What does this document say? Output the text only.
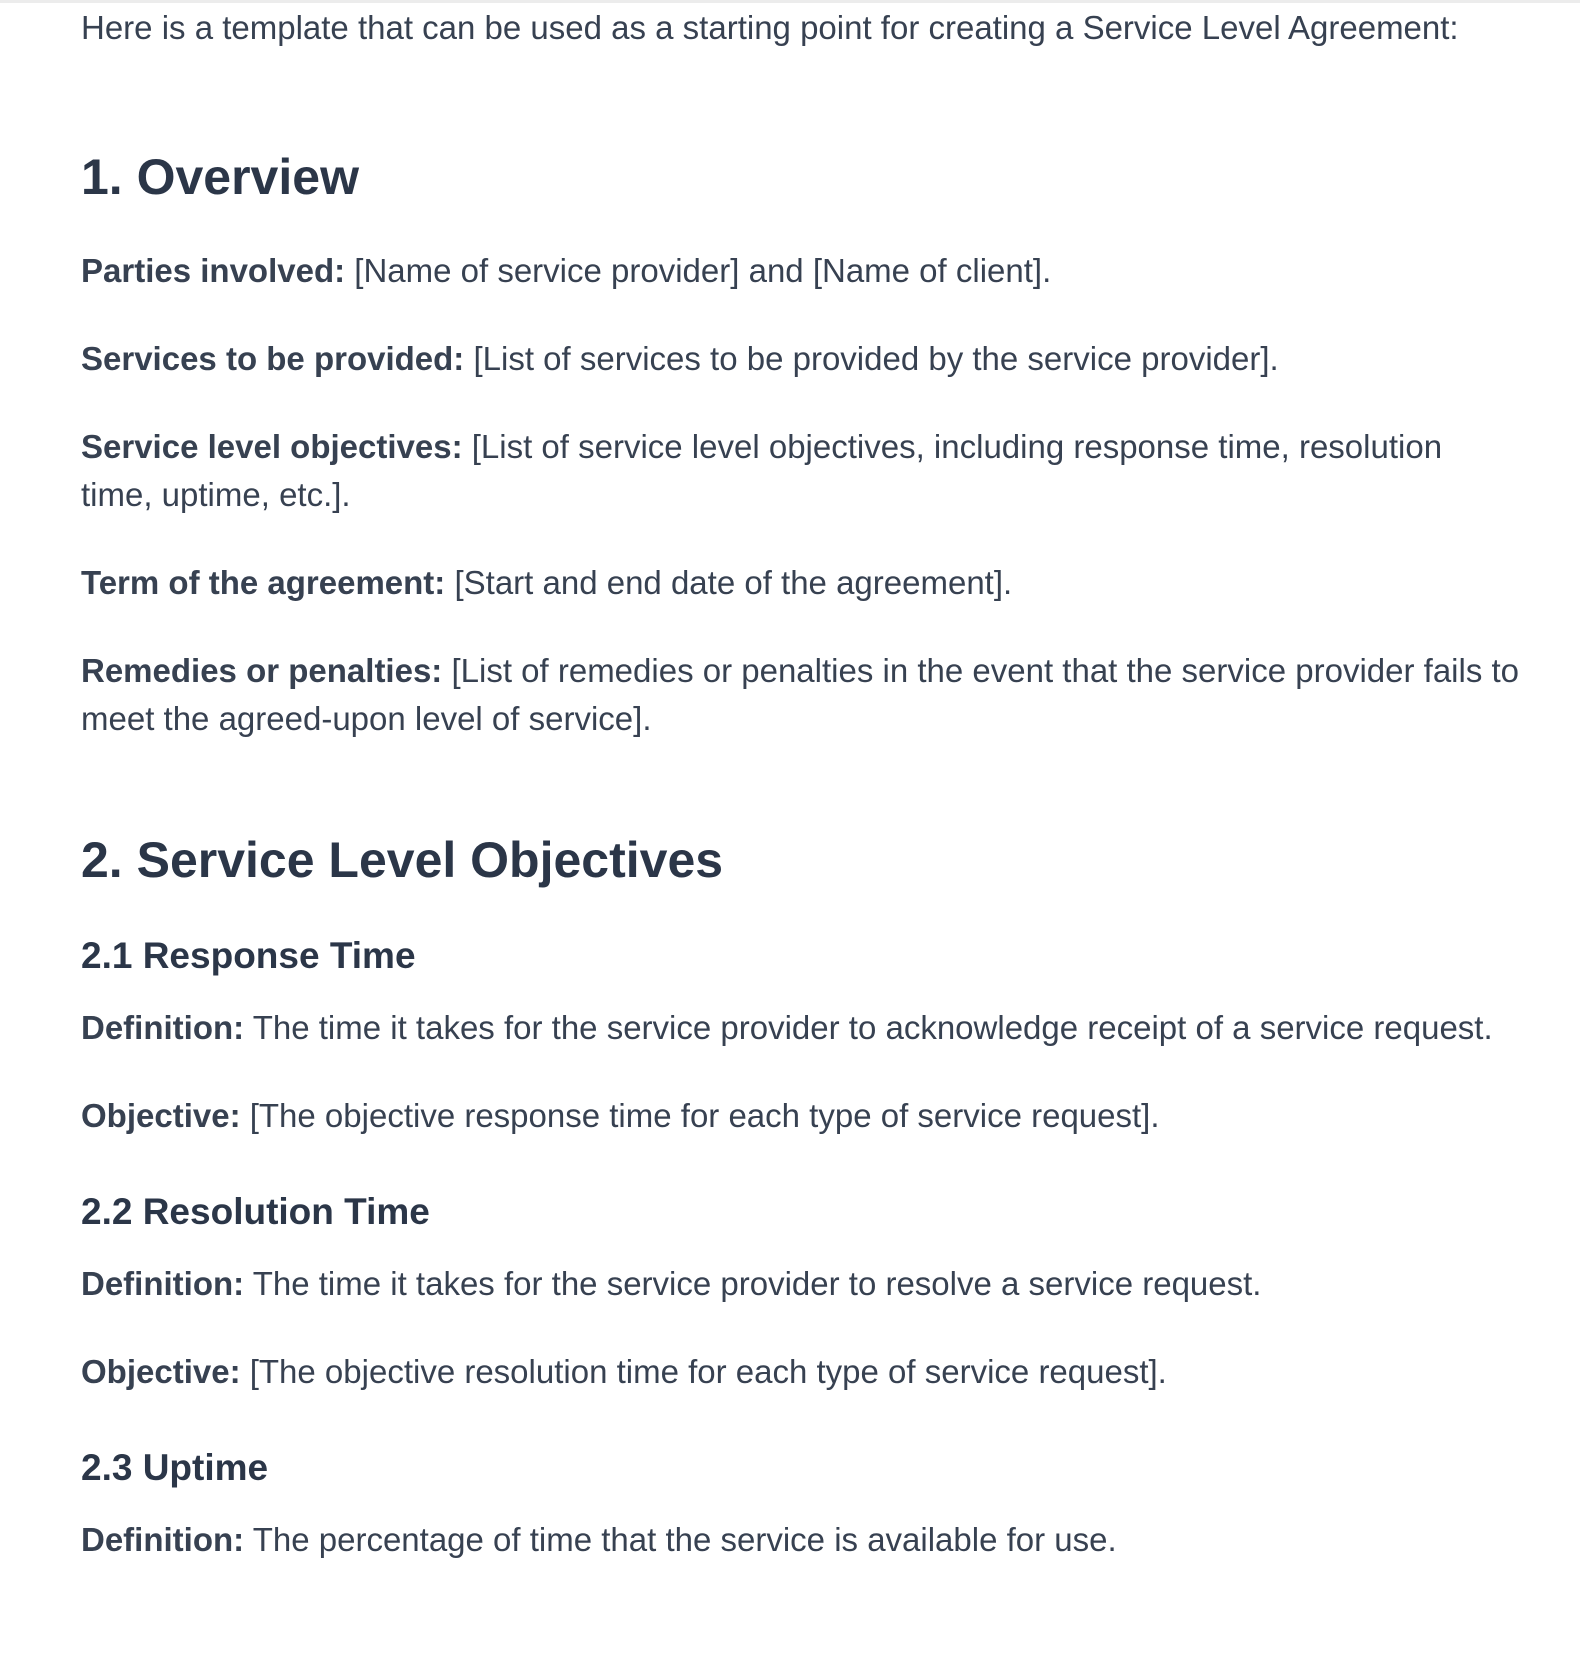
Here is a template that can be used as a starting point for creating a Service Level Agreement:

1. Overview

Parties involved: [Name of service provider] and [Name of client].

Services to be provided: [List of services to be provided by the service provider].

Service level objectives: [List of service level objectives, including response time, resolution time, uptime, etc.].

Term of the agreement: [Start and end date of the agreement].

Remedies or penalties: [List of remedies or penalties in the event that the service provider fails to meet the agreed-upon level of service].

2. Service Level Objectives
2.1 Response Time

Definition: The time it takes for the service provider to acknowledge receipt of a service request.

Objective: [The objective response time for each type of service request].

2.2 Resolution Time

Definition: The time it takes for the service provider to resolve a service request.

Objective: [The objective resolution time for each type of service request].

2.3 Uptime

Definition: The percentage of time that the service is available for use.
